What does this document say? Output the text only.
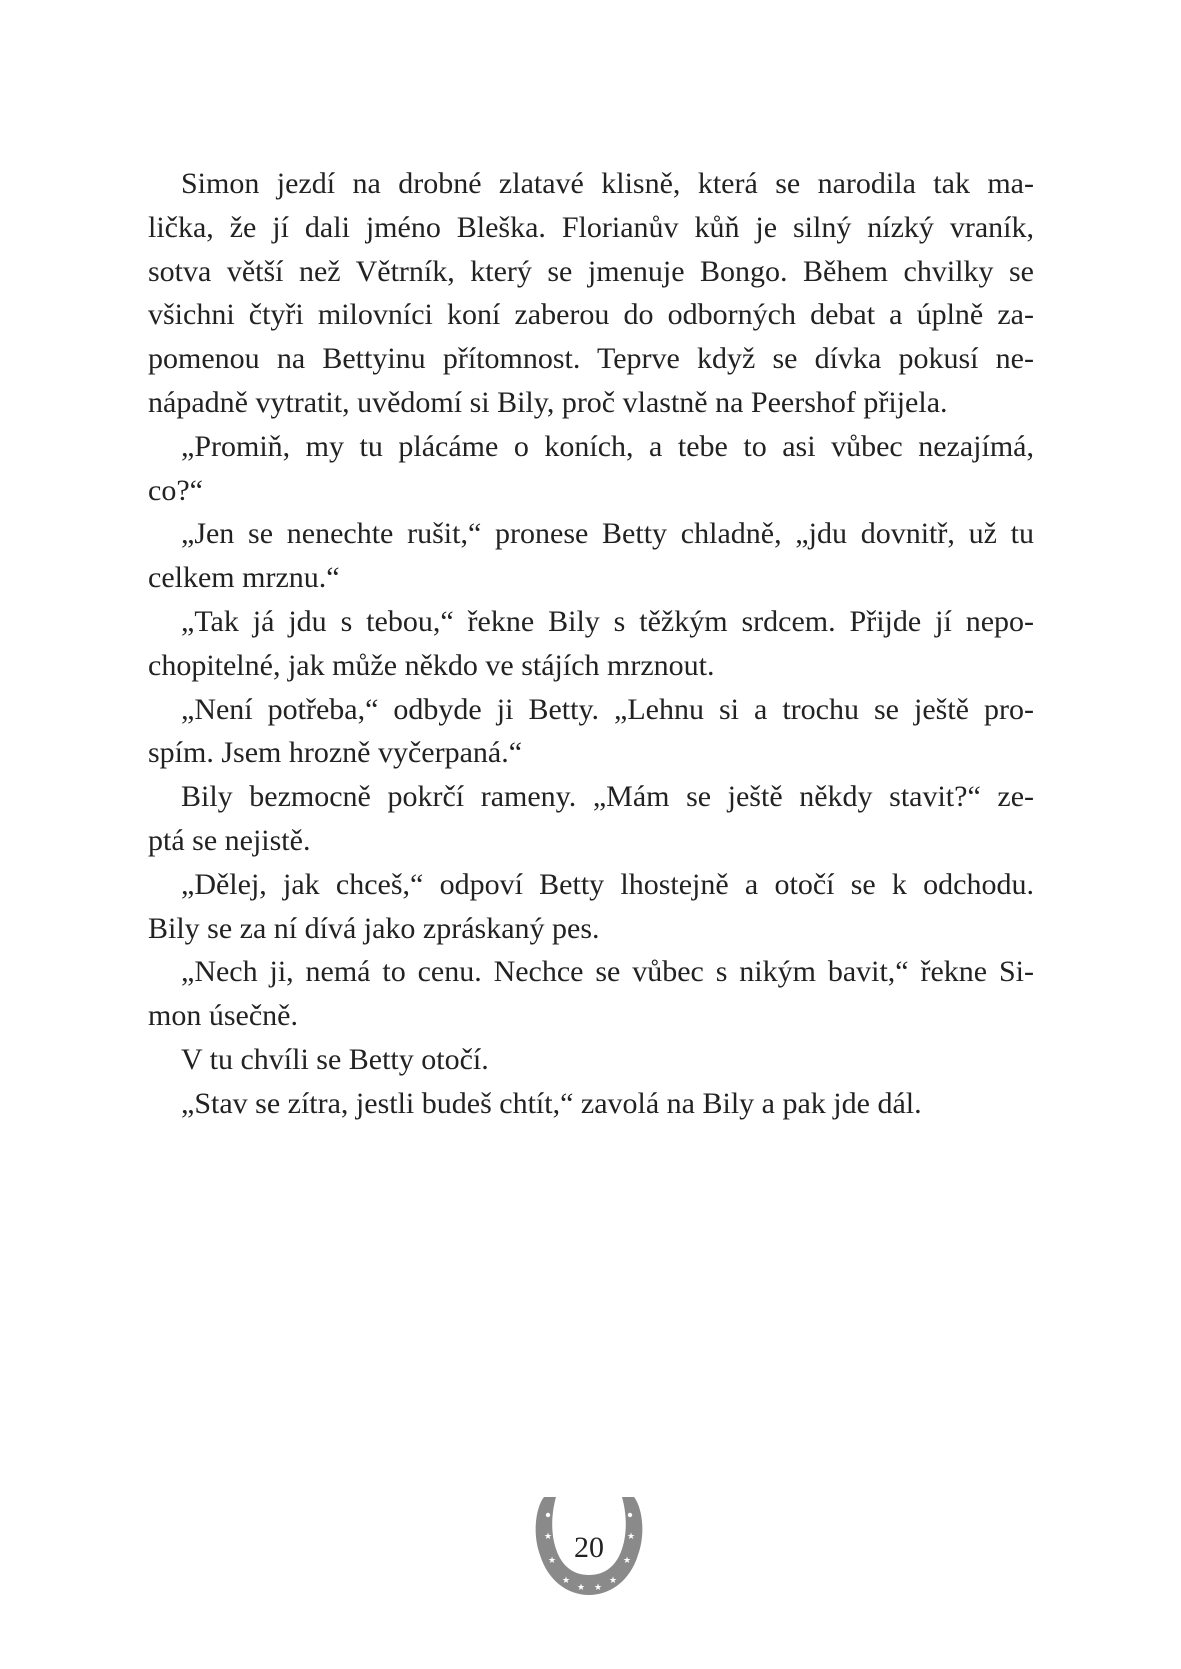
Simon jezdí na drobné zlatavé klisně, která se narodila tak ma-
lička, že jí dali jméno Bleška. Florianův kůň je silný nízký vraník,
sotva větší než Větrník, který se jmenuje Bongo. Během chvilky se
všichni čtyři milovníci koní zaberou do odborných debat a úplně za-
pomenou na Bettyinu přítomnost. Teprve když se dívka pokusí ne-
nápadně vytratit, uvědomí si Bily, proč vlastně na Peershof přijela.
„Promiň, my tu plácáme o koních, a tebe to asi vůbec nezajímá,
co?“
„Jen se nenechte rušit,“ pronese Betty chladně, „jdu dovnitř, už tu
celkem mrznu.“
„Tak já jdu s tebou,“ řekne Bily s těžkým srdcem. Přijde jí nepo-
chopitelné, jak může někdo ve stájích mrznout.
„Není potřeba,“ odbyde ji Betty. „Lehnu si a trochu se ještě pro-
spím. Jsem hrozně vyčerpaná.“
Bily bezmocně pokrčí rameny. „Mám se ještě někdy stavit?“ ze-
ptá se nejistě.
„Dělej, jak chceš,“ odpoví Betty lhostejně a otočí se k odchodu.
Bily se za ní dívá jako zpráskaný pes.
„Nech ji, nemá to cenu. Nechce se vůbec s nikým bavit,“ řekne Si-
mon úsečně.
V tu chvíli se Betty otočí.
„Stav se zítra, jestli budeš chtít,“ zavolá na Bily a pak jde dál.
★	★
★	★
★	★
★ ★
20
